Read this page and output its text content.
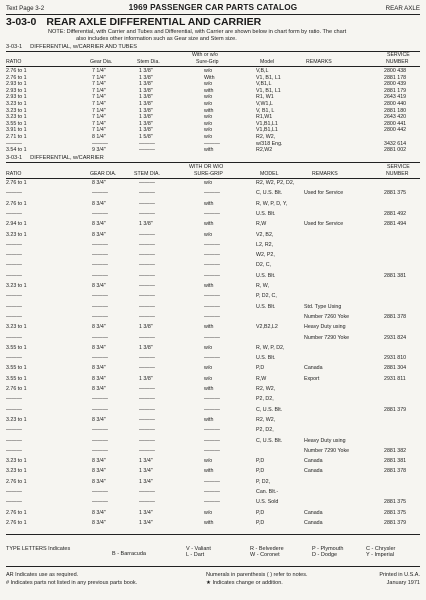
Text Page 3-2	1969 PASSENGER CAR PARTS CATALOG	REAR AXLE
3-03-0 REAR AXLE DIFFERENTIAL AND CARRIER
NOTE: Differential, with Carrier and Tubes and Differential, with Carrier are shown below in chart form by ratio. The chart
also includes other information such as Gear size and Stem size.
3-03-1 DIFFERENTIAL, w/CARRIER AND TUBES
RATIO	Gear Dia.	Stem Dia.
With or w/o
Sure-Grip	Model	REMARKS
SERVICE
NUMBER
2.76 to 1	7 1/4"	1 3/8"	w/o	V,B,L	2800 438
2.76 to 1	7 1/4"	1 3/8"	With	V1, B1, L1	2881 178
2.93 to 1	7 1/4"	1 3/8"	w/o	V,B1,L	2800 439
2.93 to 1	7 1/4"	1 3/8"	with	V1, B1, L1	2881 179
2.93 to 1	7 1/4"	1 3/8"	w/o	R1, W1	2643 419
3.23 to 1	7 1/4"	1 3/8"	w/o	V,W1,L	2800 440
3.23 to 1	7 1/4"	1 3/8"	with	V, B1, L	2881 180
3.23 to 1	7 1/4"	1 3/8"	w/o	R1,W1	2643 420
3.55 to 1	7 1/4"	1 3/8"	w/o	V1,B1,L1	2800 441
3.91 to 1	7 1/4"	1 3/8"	w/o	V1,B1,L1	2800 442
2.71 to 1	8 1/4"	1 5/8"	w/o	R2, W2,
———	———	———	———	w/318 Eng.	3432 614
3.54 to 1	9 3/4"	———	with	R2,W2	2881 002
3-03-1 DIFFERENTIAL, w/CARRIER
RATIO	GEAR DIA.	STEM DIA.
WITH OR W/O
SURE-GRIP	MODEL	REMARKS
SERVICE
NUMBER
2.76 to 1	8 3/4"	———	w/o	R2, W2, P2, D2,
———	———	———	———	C, U.S. Blt.	Used for Service	2881 375
2.76 to 1	8 3/4"	———	with	R, W, P, D, Y,
———	———	———	———	U.S. Blt.	2881 492
2.94 to 1	8 3/4"	1 3/8"	with	R,W	Used for Service	2881 494
3.23 to 1	8 3/4"	———	w/o	V2, B2,
———	———	———	———	L2, R2,
———	———	———	———	W2, P2,
———	———	———	———	D2, C,
———	———	———	———	U.S. Blt.	2881 381
3.23 to 1	8 3/4"	———	with	R, W,
———	———	———	———	P, D2, C,
———	———	———	———	U.S. Blt.	Std. Type Using
———	———	———	———	Number 7260 Yoke	2881 378
3.23 to 1	8 3/4"	1 3/8"	with	V2,B2,L2	Heavy Duty using
———	———	———	———	Number 7290 Yoke	2931 824
3.55 to 1	8 3/4"	1 3/8"	w/o	R, W, P, D2,
———	———	———	———	U.S. Blt.	2931 810
3.55 to 1	8 3/4"	———	w/o	P,D	Canada	2881 304
3.55 to 1	8 3/4"	1 3/8"	w/o	R,W	Export	2931 811
2.76 to 1	8 3/4"	———	with	R2, W2,
———	———	———	———	P2, D2,
———	———	———	———	C, U.S. Blt.	2881 379
3.23 to 1	8 3/4"	———	with	R2, W2,
———	———	———	———	P2, D2,
———	———	———	———	C, U.S. Blt.	Heavy Duty using
———	———	———	———	Number 7290 Yoke	2881 382
3.23 to 1	8 3/4"	1 3/4"	w/o	P,D	Canada	2881 381
3.23 to 1	8 3/4"	1 3/4"	with	P,D	Canada	2881 378
2.76 to 1	8 3/4"	1 3/4"	———	P, D2,
———	———	———	———	Can. Blt.-
———	———	———	———	U.S. Sold	2881 375
2.76 to 1	8 3/4"	1 3/4"	w/o	P,D	Canada	2881 375
2.76 to 1	8 3/4"	1 3/4"	with	P,D	Canada	2881 379
TYPE LETTERS Indicates
B - Barracuda
V - Valiant
L - Dart
R - Belvedere
W - Coronet
P - Plymouth
D - Dodge
C - Chrysler
Y - Imperial
AR Indicates use as required.
# Indicates parts not listed in any previous parts book.
Numerals in parenthesis ( ) refer to notes.
★ Indicates change or addition.
Printed in U.S.A.
January 1971
